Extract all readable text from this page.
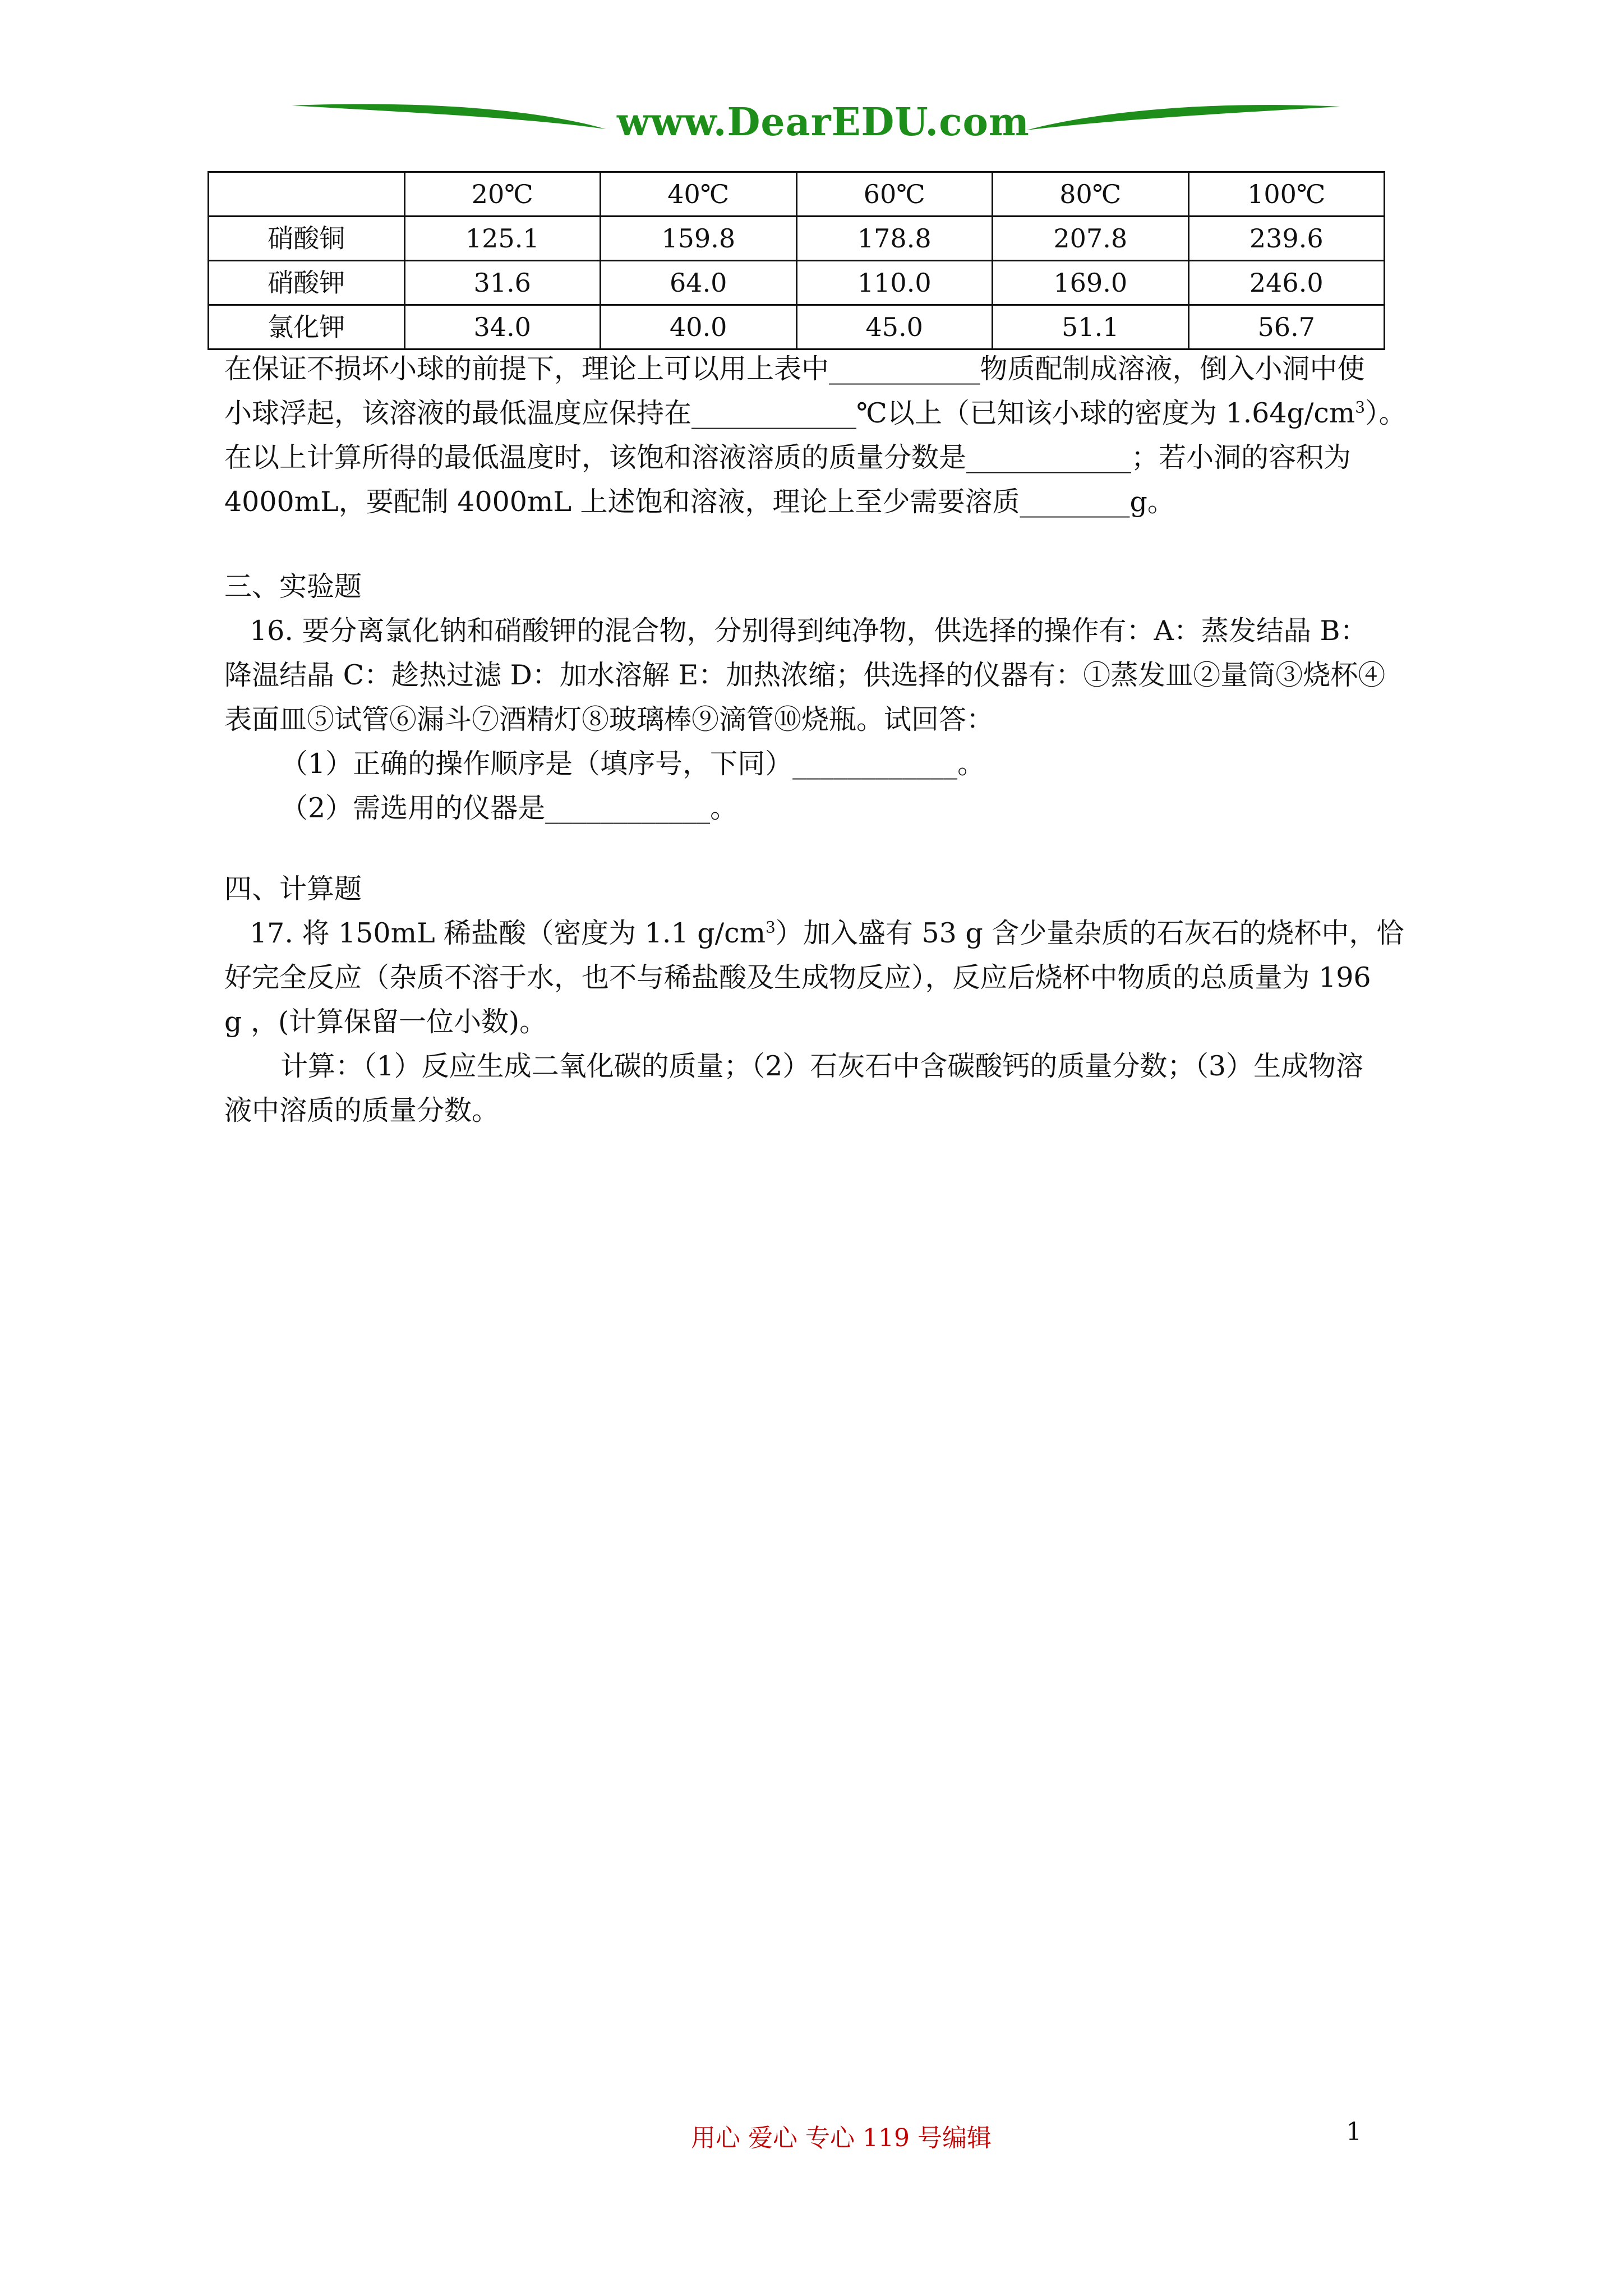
www.DearEDU.com
	20℃	40℃	60℃	80℃	100℃
硝酸铜	125.1	159.8	178.8	207.8	239.6
硝酸钾	31.6	64.0	110.0	169.0	246.0
氯化钾	34.0	40.0	45.0	51.1	56.7
在保证不损坏小球的前提下，理论上可以用上表中___________物质配制成溶液，倒入小洞中使
小球浮起，该溶液的最低温度应保持在____________℃以上（已知该小球的密度为 $1.64g/cm^3$）。
在以上计算所得的最低温度时，该饱和溶液溶质的质量分数是____________；若小洞的容积为
4000mL，要配制 4000mL 上述饱和溶液，理论上至少需要溶质________g。
三、实验题
16. 要分离氯化钠和硝酸钾的混合物，分别得到纯净物，供选择的操作有：A：蒸发结晶 B：
降温结晶 C：趁热过滤 D：加水溶解 E：加热浓缩；供选择的仪器有：①蒸发皿②量筒③烧杯④
表面皿⑤试管⑥漏斗⑦酒精灯⑧玻璃棒⑨滴管⑩烧瓶。试回答：
（1）正确的操作顺序是（填序号，下同）____________。
（2）需选用的仪器是____________。
四、计算题
17. 将 150mL 稀盐酸（密度为 1.1 $g/cm^3$）加入盛有 53 g 含少量杂质的石灰石的烧杯中，恰
好完全反应（杂质不溶于水，也不与稀盐酸及生成物反应），反应后烧杯中物质的总质量为 196
g ，(计算保留一位小数)。
计算：（1）反应生成二氧化碳的质量；（2）石灰石中含碳酸钙的质量分数；（3）生成物溶
液中溶质的质量分数。
用心 爱心 专心 119 号编辑	1
